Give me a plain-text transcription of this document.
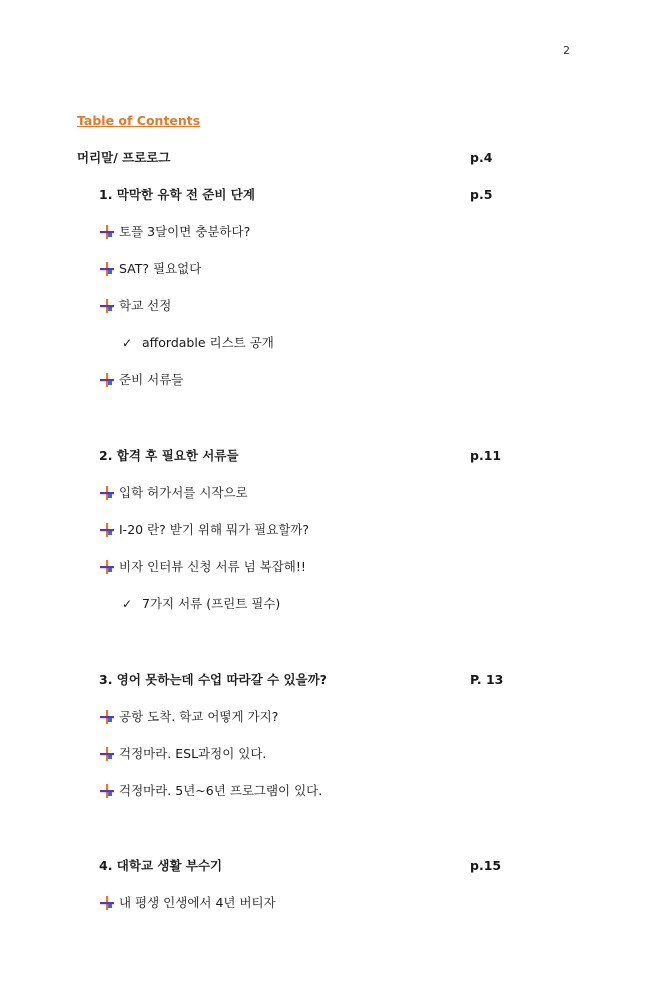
2
Table of Contents
머리말/ 프로로그	p.4
1. 막막한 유학 전 준비 단계	p.5
토플 3달이면 충분하다?
SAT? 필요없다
학교 선정
✓ affordable 리스트 공개
준비 서류들
2. 합격 후 필요한 서류들	p.11
입학 허가서를 시작으로
I-20 란? 받기 위해 뭐가 필요할까?
비자 인터뷰 신청 서류 넘 복잡해!!
✓ 7가지 서류 (프린트 필수)
3. 영어 못하는데 수업 따라갈 수 있을까?	P. 13
공항 도착. 학교 어떻게 가지?
걱정마라. ESL과정이 있다.
걱정마라. 5년~6년 프로그램이 있다.
4. 대학교 생활 부수기	p.15
내 평생 인생에서 4년 버티자
